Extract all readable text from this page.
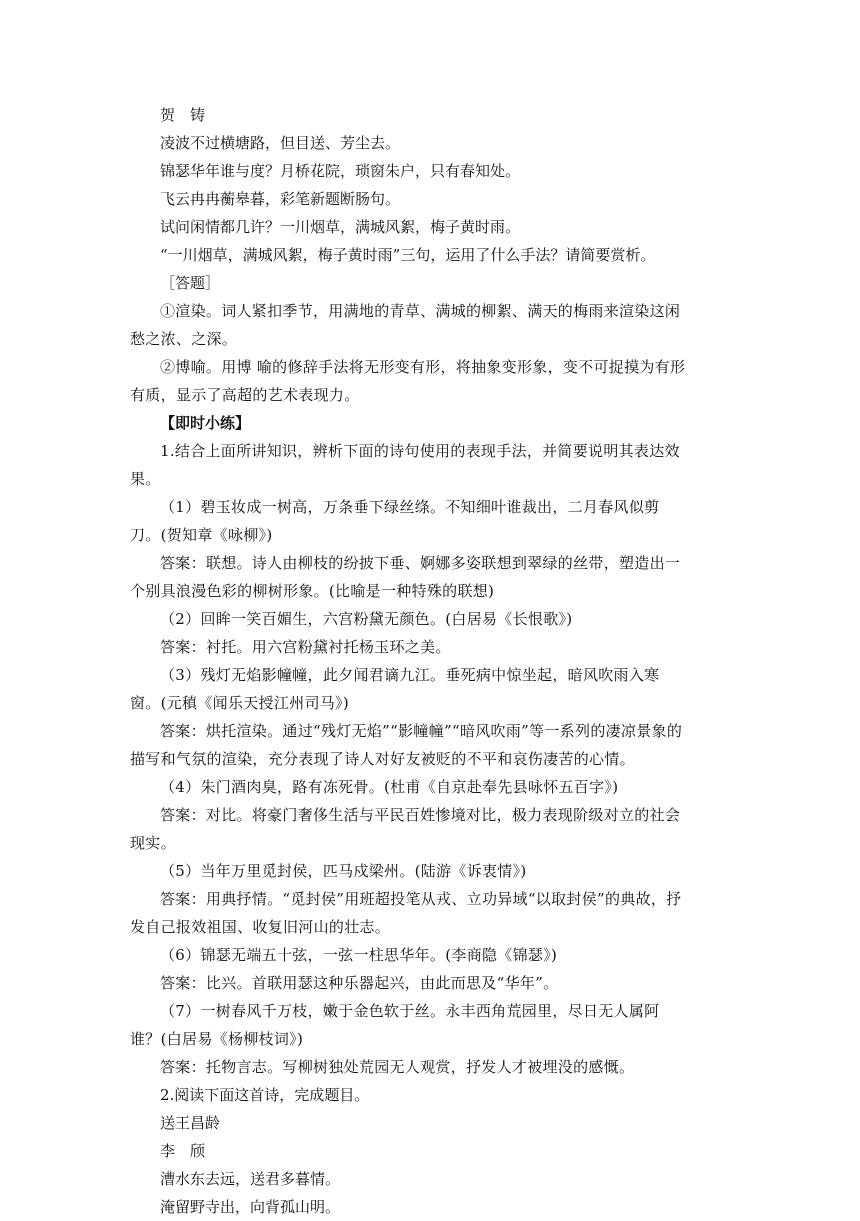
贺　铸

凌波不过横塘路，但目送、芳尘去。

锦瑟华年谁与度？月桥花院，琐窗朱户，只有春知处。

飞云冉冉蘅皋暮，彩笔新题断肠句。

试问闲情都几许？一川烟草，满城风絮，梅子黄时雨。

“一川烟草，满城风絮，梅子黄时雨”三句，运用了什么手法？请简要赏析。

［答题］

①渲染。词人紧扣季节，用满地的青草、满城的柳絮、满天的梅雨来渲染这闲愁之浓、之深。

②博喻。用博 喻的修辞手法将无形变有形，将抽象变形象，变不可捉摸为有形有质，显示了高超的艺术表现力。

【即时小练】

1.结合上面所讲知识，辨析下面的诗句使用的表现手法，并简要说明其表达效果。

（1）碧玉妆成一树高，万条垂下绿丝绦。不知细叶谁裁出，二月春风似剪刀。(贺知章《咏柳》)

答案：联想。诗人由柳枝的纷披下垂、婀娜多姿联想到翠绿的丝带，塑造出一个别具浪漫色彩的柳树形象。(比喻是一种特殊的联想)

（2）回眸一笑百媚生，六宫粉黛无颜色。(白居易《长恨歌》)

答案：衬托。用六宫粉黛衬托杨玉环之美。

（3）残灯无焰影幢幢，此夕闻君谪九江。垂死病中惊坐起，暗风吹雨入寒窗。(元稹《闻乐天授江州司马》)

答案：烘托渲染。通过“残灯无焰”“影幢幢”“暗风吹雨”等一系列的凄凉景象的描写和气氛的渲染，充分表现了诗人对好友被贬的不平和哀伤凄苦的心情。

（4）朱门酒肉臭，路有冻死骨。(杜甫《自京赴奉先县咏怀五百字》)

答案：对比。将豪门奢侈生活与平民百姓惨境对比，极力表现阶级对立的社会现实。

（5）当年万里觅封侯，匹马戍梁州。(陆游《诉衷情》)

答案：用典抒情。“觅封侯”用班超投笔从戎、立功异域“以取封侯”的典故，抒发自己报效祖国、收复旧河山的壮志。

（6）锦瑟无端五十弦，一弦一柱思华年。(李商隐《锦瑟》)

答案：比兴。首联用瑟这种乐器起兴，由此而思及“华年”。

（7）一树春风千万枝，嫩于金色软于丝。永丰西角荒园里，尽日无人属阿谁？(白居易《杨柳枝词》)

答案：托物言志。写柳树独处荒园无人观赏，抒发人才被埋没的感慨。

2.阅读下面这首诗，完成题目。

送王昌龄

李　颀

漕水东去远，送君多暮情。

淹留野寺出，向背孤山明。
